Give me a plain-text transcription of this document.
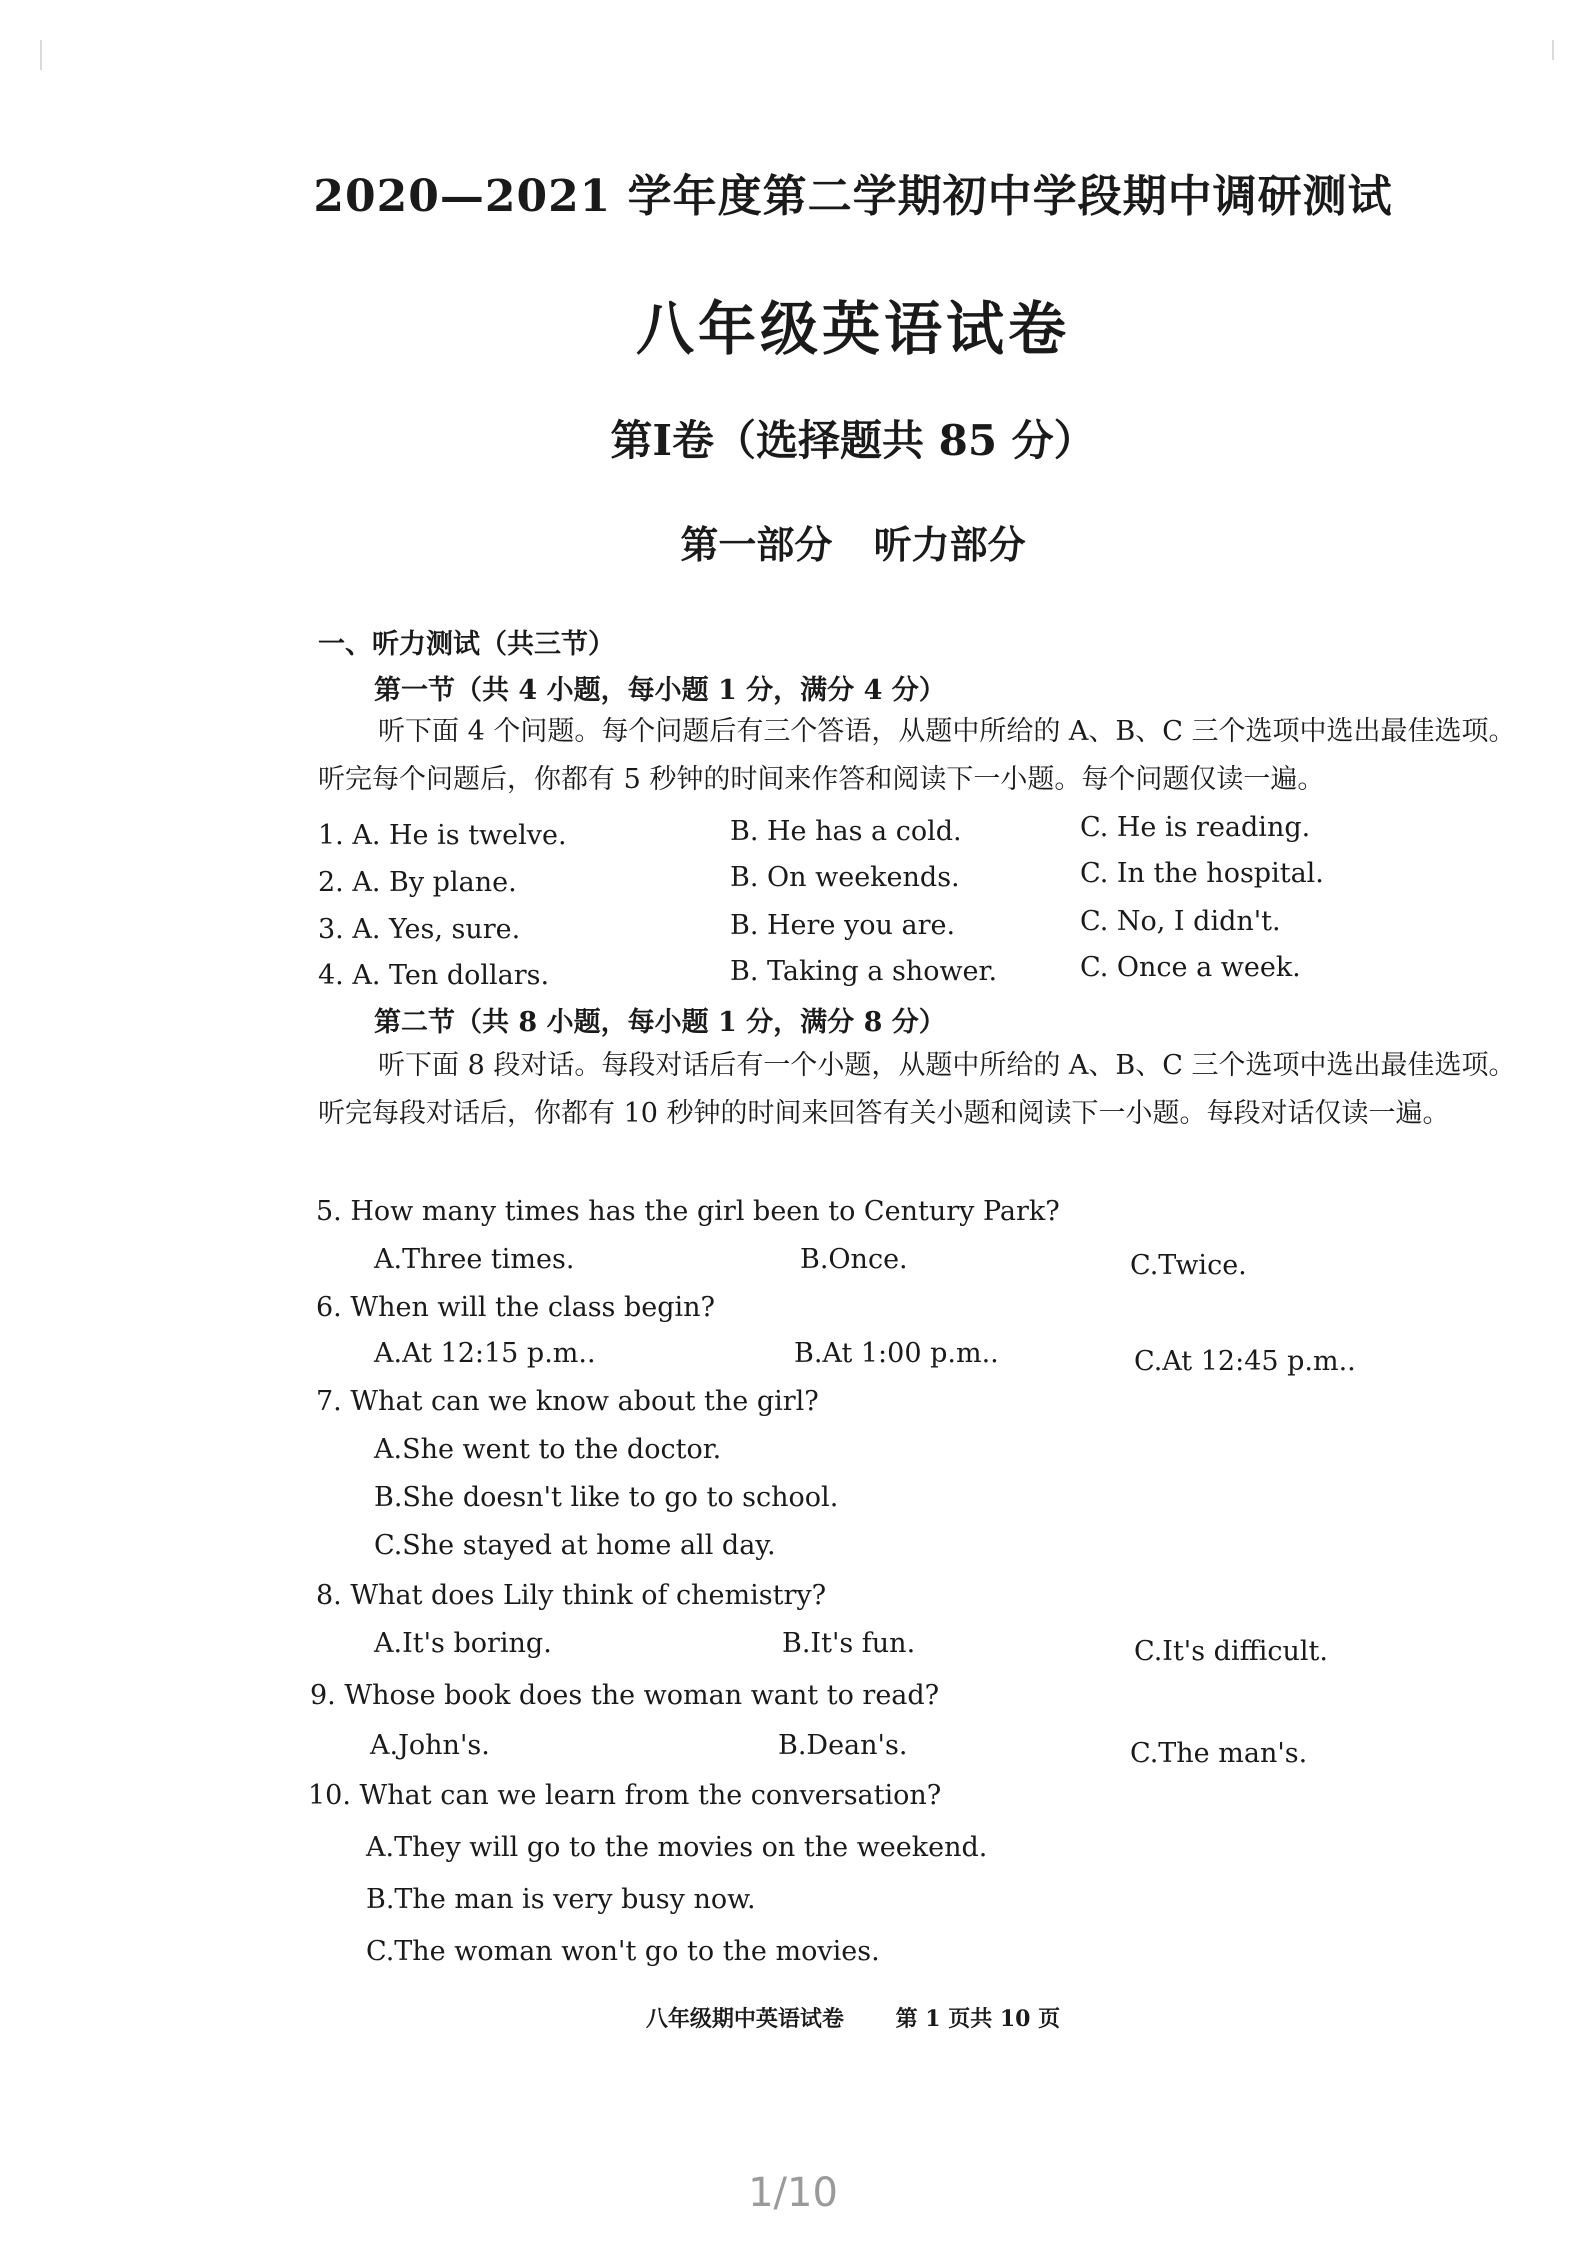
2020—2021 学年度第二学期初中学段期中调研测试
八年级英语试卷
第Ⅰ卷（选择题共 85 分）
第一部分 听力部分
一、听力测试（共三节）
第一节（共 4 小题，每小题 1 分，满分 4 分）
听下面 4 个问题。每个问题后有三个答语，从题中所给的 A、B、C 三个选项中选出最佳选项。听完每个问题后，你都有 5 秒钟的时间来作答和阅读下一小题。每个问题仅读一遍。
1. A. He is twelve.	B. He has a cold.	C. He is reading.
2. A. By plane.	B. On weekends.	C. In the hospital.
3. A. Yes, sure.	B. Here you are.	C. No, I didn't.
4. A. Ten dollars.	B. Taking a shower.	C. Once a week.
第二节（共 8 小题，每小题 1 分，满分 8 分）
听下面 8 段对话。每段对话后有一个小题，从题中所给的 A、B、C 三个选项中选出最佳选项。听完每段对话后，你都有 10 秒钟的时间来回答有关小题和阅读下一小题。每段对话仅读一遍。
5. How many times has the girl been to Century Park?
A.Three times.	B.Once.	C.Twice.
6. When will the class begin?
A.At 12:15 p.m..	B.At 1:00 p.m..	C.At 12:45 p.m..
7. What can we know about the girl?
A.She went to the doctor.
B.She doesn't like to go to school.
C.She stayed at home all day.
8. What does Lily think of chemistry?
A.It's boring.	B.It's fun.	C.It's difficult.
9. Whose book does the woman want to read?
A.John's.	B.Dean's.	C.The man's.
10. What can we learn from the conversation?
A.They will go to the movies on the weekend.
B.The man is very busy now.
C.The woman won't go to the movies.
八年级期中英语试卷 第 1 页共 10 页
1/10
